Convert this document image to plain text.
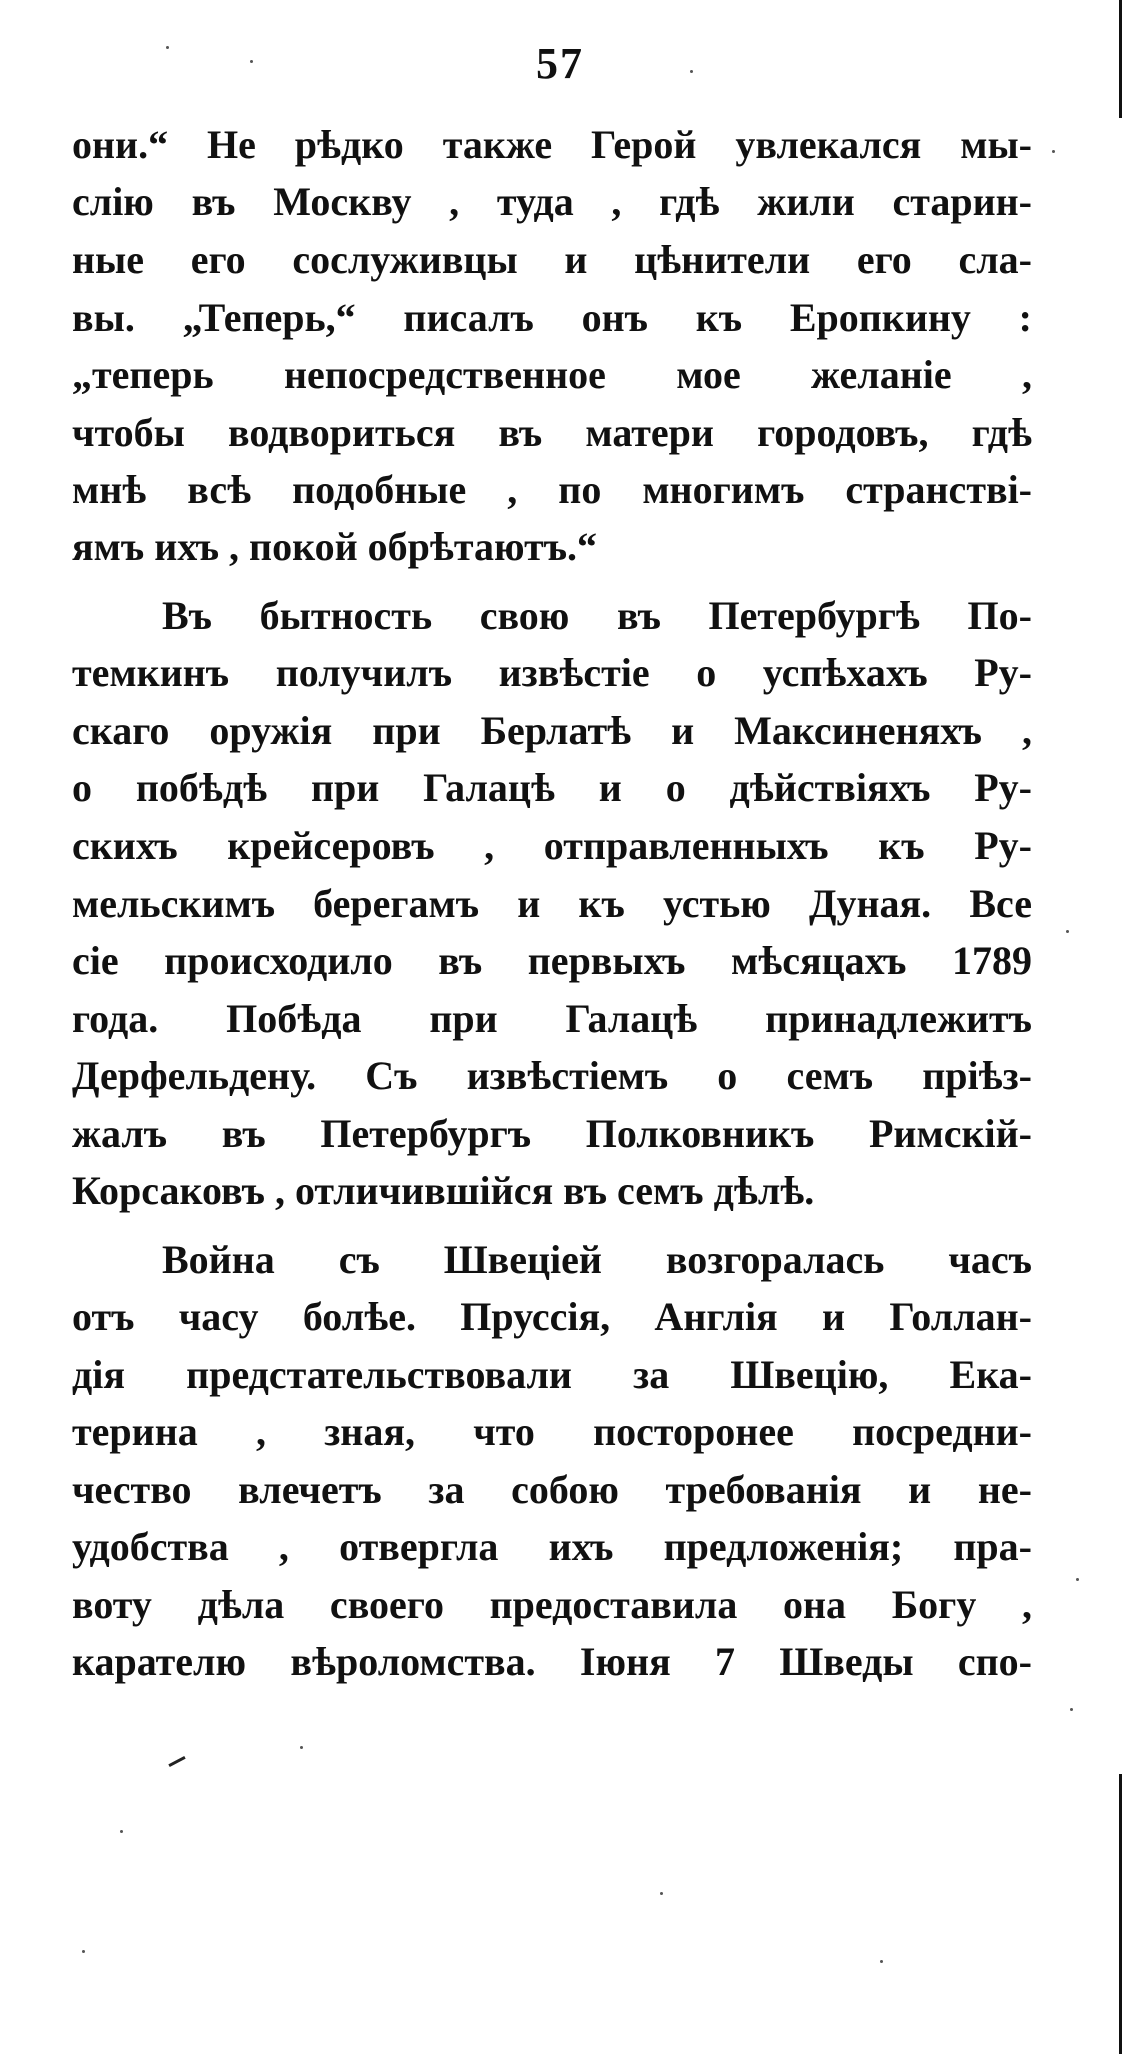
57
они.“ Не рѣдко также Герой увлекался мы-
слію въ Москву , туда , гдѣ жили старин-
ные его сослуживцы и цѣнители его сла-
вы. „Теперь,“ писалъ онъ къ Еропкину :
„теперь непосредственное мое желаніе ,
чтобы водвориться въ матери городовъ, гдѣ
мнѣ всѣ подобные , по многимъ странстві-
ямъ ихъ , покой обрѣтаютъ.“
Въ бытность свою въ Петербургѣ По-
темкинъ получилъ извѣстіе о успѣхахъ Ру-
скаго оружія при Берлатѣ и Максиненяхъ ,
о побѣдѣ при Галацѣ и о дѣйствіяхъ Ру-
скихъ крейсеровъ , отправленныхъ къ Ру-
мельскимъ берегамъ и къ устью Дуная. Все
сіе происходило въ первыхъ мѣсяцахъ 1789
года. Побѣда при Галацѣ принадлежитъ
Дерфельдену. Съ извѣстіемъ о семъ пріѣз-
жалъ въ Петербургъ Полковникъ Римскій-
Корсаковъ , отличившійся въ семъ дѣлѣ.
Война съ Швеціей возгоралась часъ
отъ часу болѣе. Пруссія, Англія и Голлан-
дія предстательствовали за Швецію, Ека-
терина , зная, что посторонее посредни-
чество влечетъ за собою требованія и не-
удобства , отвергла ихъ предложенія; пра-
воту дѣла своего предоставила она Богу ,
карателю вѣроломства. Іюня 7 Шведы спо-
